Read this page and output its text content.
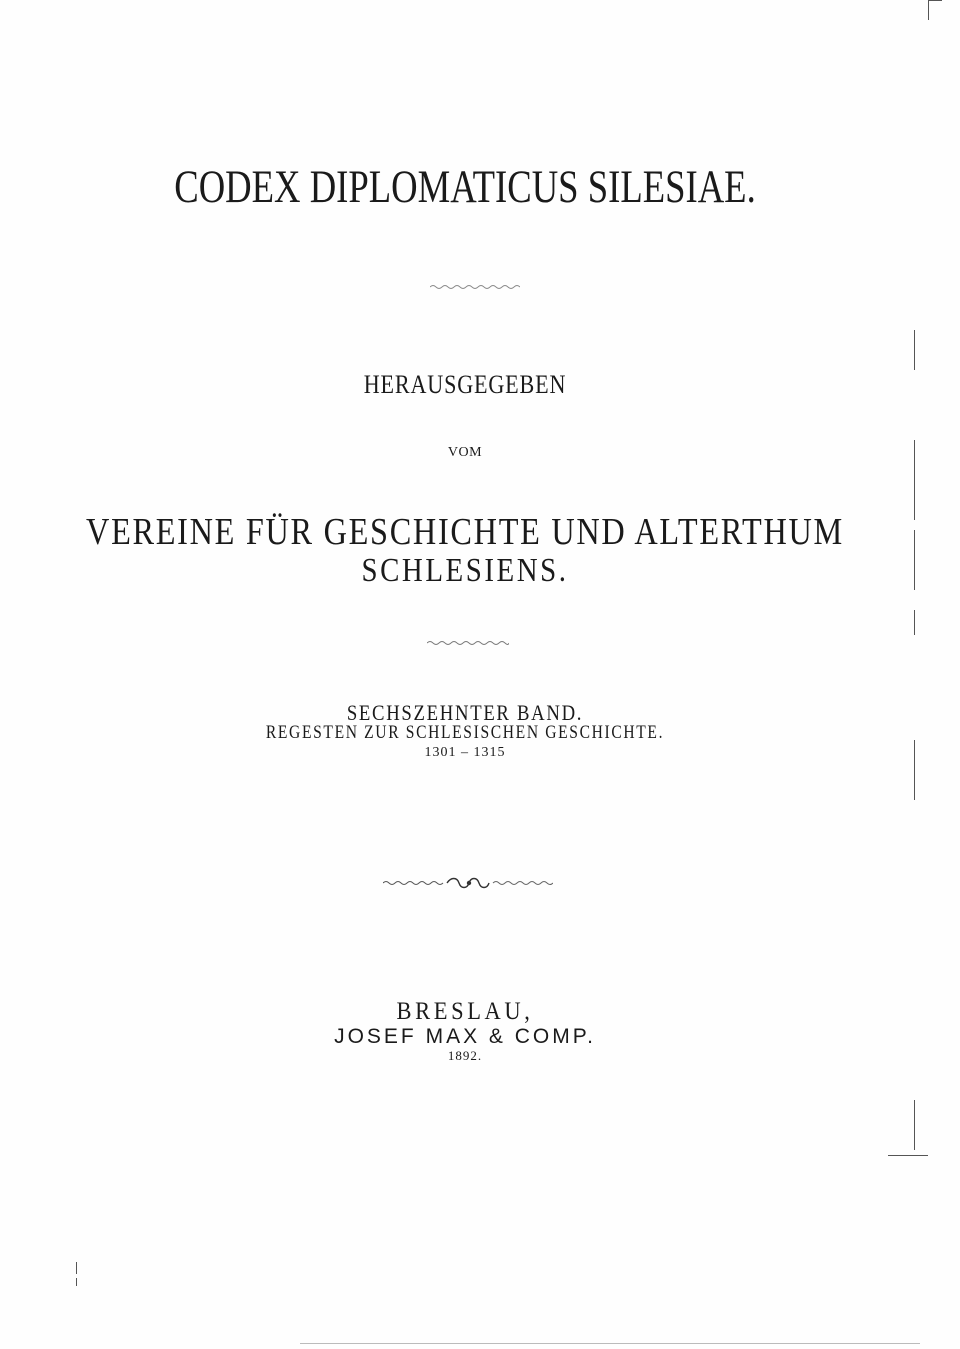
CODEX DIPLOMATICUS SILESIAE.
HERAUSGEGEBEN
VOM
VEREINE FÜR GESCHICHTE UND ALTERTHUM
SCHLESIENS.
SECHSZEHNTER BAND.
REGESTEN ZUR SCHLESISCHEN GESCHICHTE.
1301 – 1315
BRESLAU,
JOSEF MAX & COMP.
1892.
